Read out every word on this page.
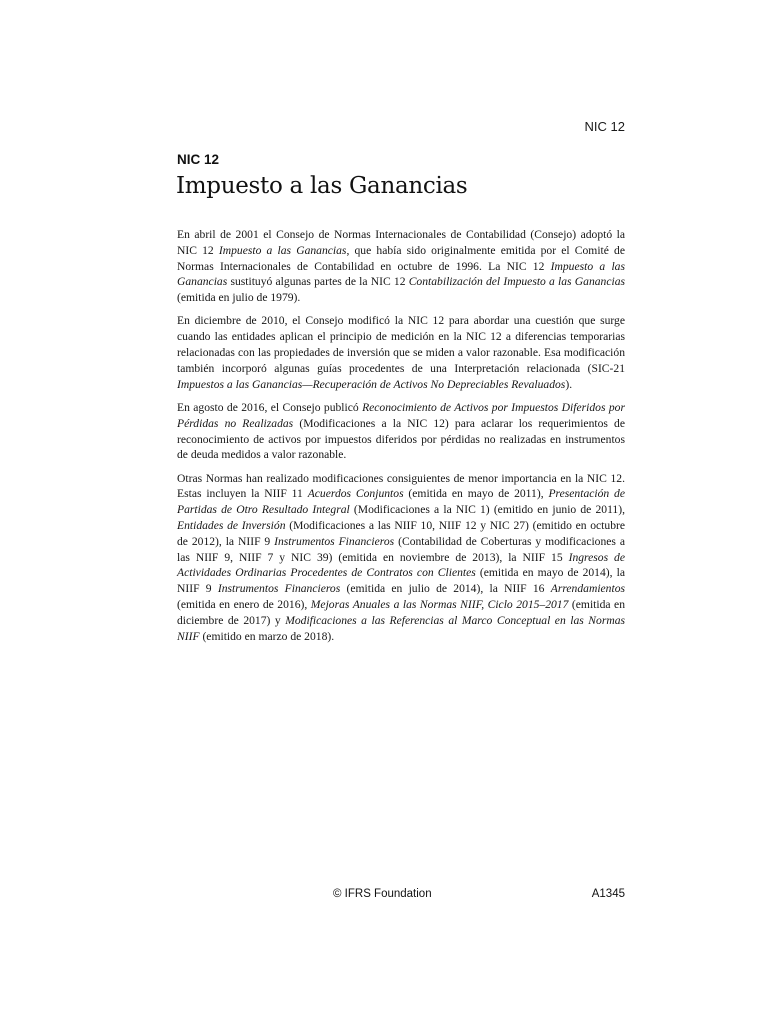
NIC 12
NIC 12
Impuesto a las Ganancias

En abril de 2001 el Consejo de Normas Internacionales de Contabilidad (Consejo) adoptó la NIC 12 Impuesto a las Ganancias, que había sido originalmente emitida por el Comité de Normas Internacionales de Contabilidad en octubre de 1996. La NIC 12 Impuesto a las Ganancias sustituyó algunas partes de la NIC 12 Contabilización del Impuesto a las Ganancias (emitida en julio de 1979).

En diciembre de 2010, el Consejo modificó la NIC 12 para abordar una cuestión que surge cuando las entidades aplican el principio de medición en la NIC 12 a diferencias temporarias relacionadas con las propiedades de inversión que se miden a valor razonable. Esa modificación también incorporó algunas guías procedentes de una Interpretación relacionada (SIC-21 Impuestos a las Ganancias—Recuperación de Activos No Depreciables Revaluados).

En agosto de 2016, el Consejo publicó Reconocimiento de Activos por Impuestos Diferidos por Pérdidas no Realizadas (Modificaciones a la NIC 12) para aclarar los requerimientos de reconocimiento de activos por impuestos diferidos por pérdidas no realizadas en instrumentos de deuda medidos a valor razonable.

Otras Normas han realizado modificaciones consiguientes de menor importancia en la NIC 12. Estas incluyen la NIIF 11 Acuerdos Conjuntos (emitida en mayo de 2011), Presentación de Partidas de Otro Resultado Integral (Modificaciones a la NIC 1) (emitido en junio de 2011), Entidades de Inversión (Modificaciones a las NIIF 10, NIIF 12 y NIC 27) (emitido en octubre de 2012), la NIIF 9 Instrumentos Financieros (Contabilidad de Coberturas y modificaciones a las NIIF 9, NIIF 7 y NIC 39) (emitida en noviembre de 2013), la NIIF 15 Ingresos de Actividades Ordinarias Procedentes de Contratos con Clientes (emitida en mayo de 2014), la NIIF 9 Instrumentos Financieros (emitida en julio de 2014), la NIIF 16 Arrendamientos (emitida en enero de 2016), Mejoras Anuales a las Normas NIIF, Ciclo 2015–2017 (emitida en diciembre de 2017) y Modificaciones a las Referencias al Marco Conceptual en las Normas NIIF (emitido en marzo de 2018).

© IFRS Foundation	A1345
